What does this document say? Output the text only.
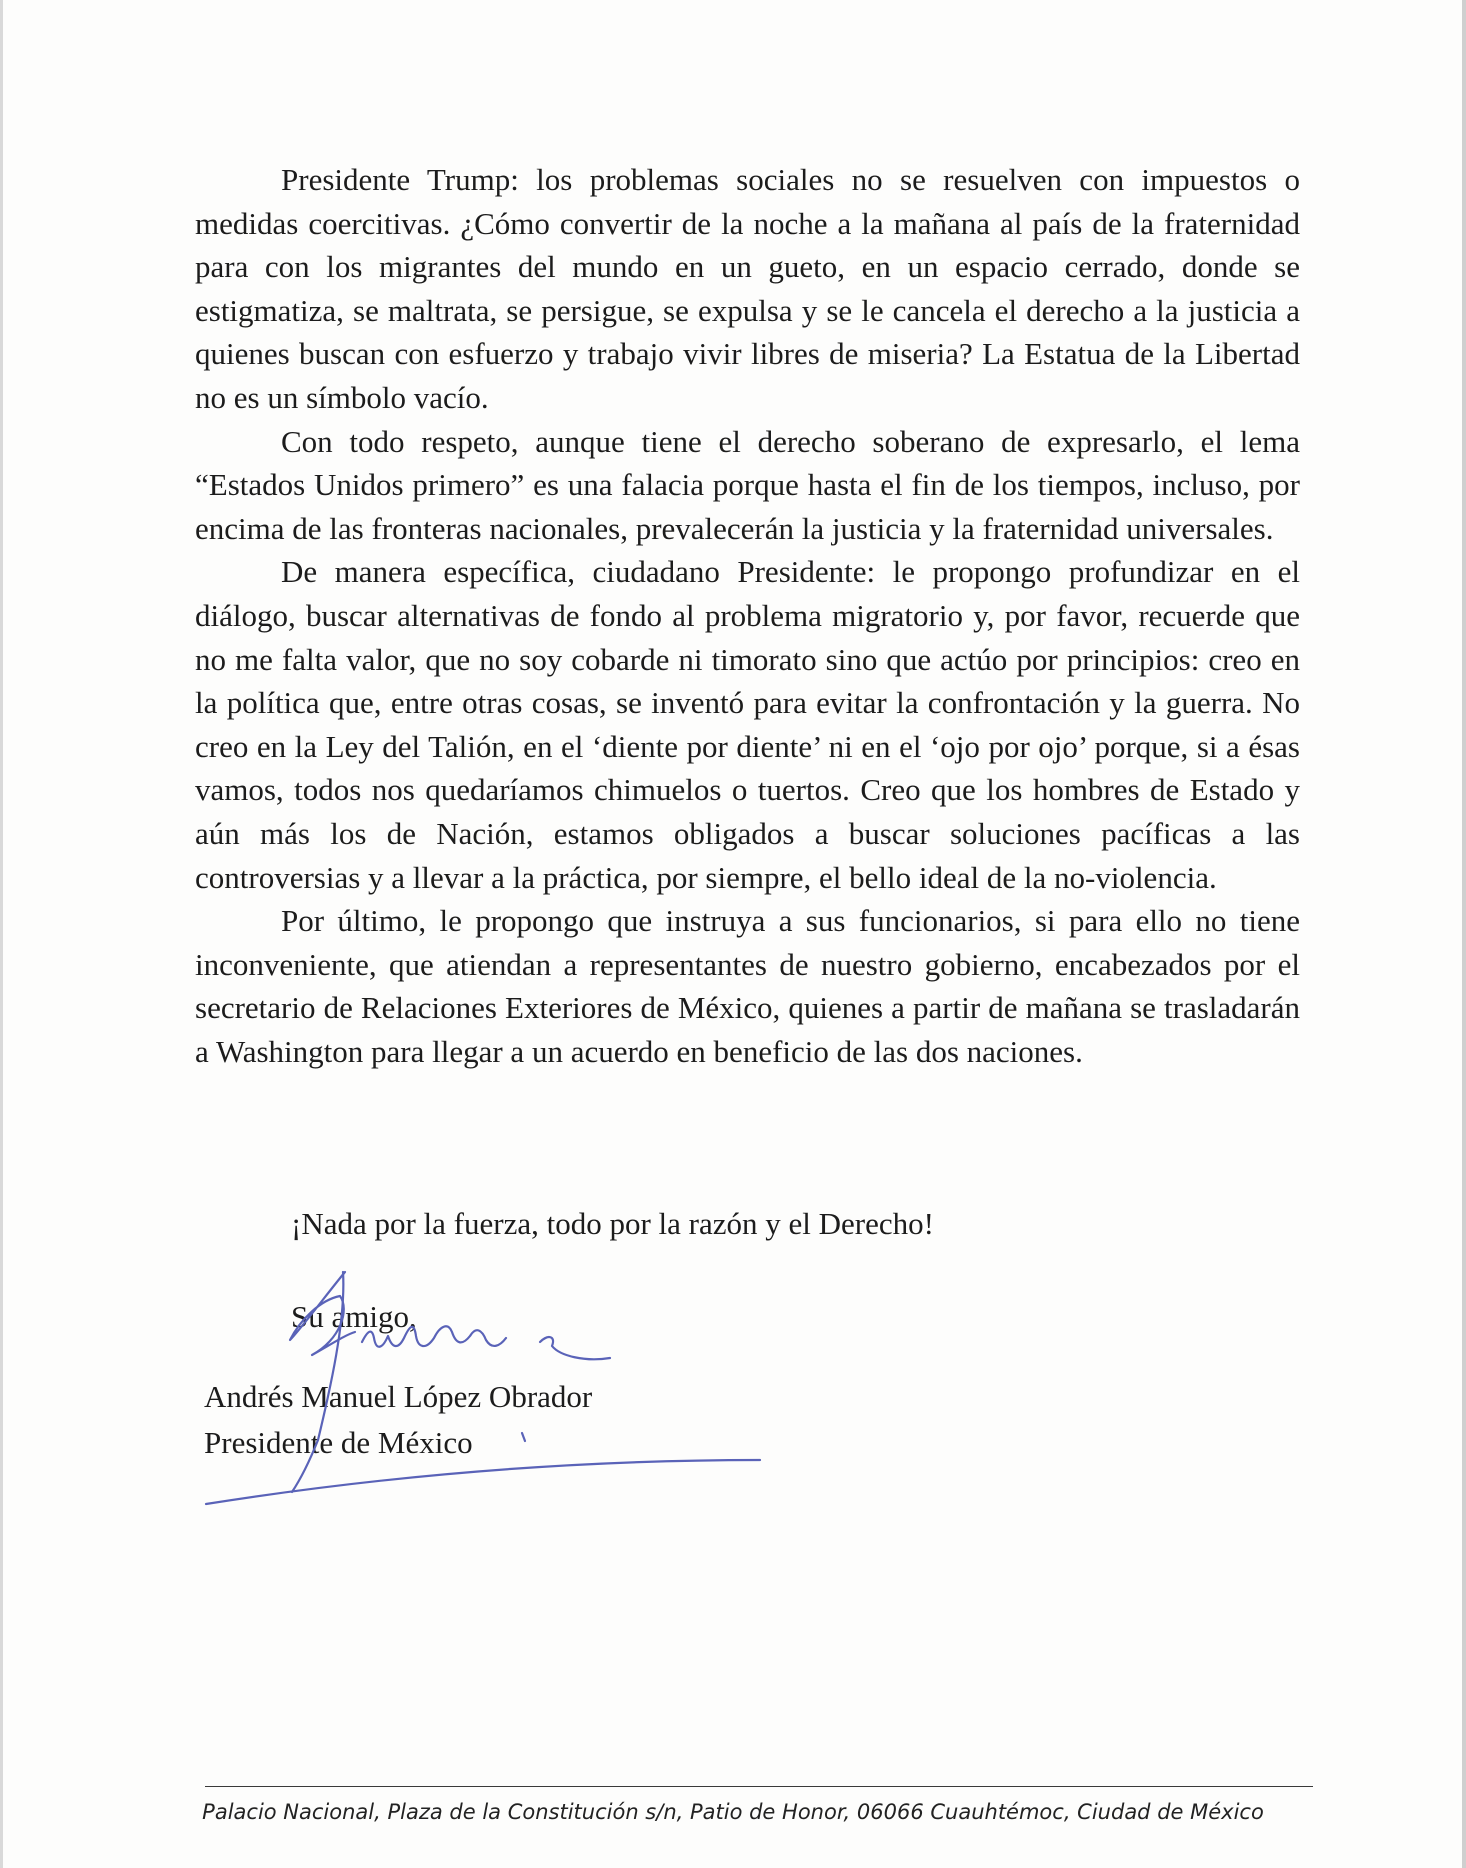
Presidente Trump: los problemas sociales no se resuelven con impuestos o medidas coercitivas. ¿Cómo convertir de la noche a la mañana al país de la fraternidad para con los migrantes del mundo en un gueto, en un espacio cerrado, donde se estigmatiza, se maltrata, se persigue, se expulsa y se le cancela el derecho a la justicia a quienes buscan con esfuerzo y trabajo vivir libres de miseria? La Estatua de la Libertad no es un símbolo vacío.

Con todo respeto, aunque tiene el derecho soberano de expresarlo, el lema “Estados Unidos primero” es una falacia porque hasta el fin de los tiempos, incluso, por encima de las fronteras nacionales, prevalecerán la justicia y la fraternidad universales.

De manera específica, ciudadano Presidente: le propongo profundizar en el diálogo, buscar alternativas de fondo al problema migratorio y, por favor, recuerde que no me falta valor, que no soy cobarde ni timorato sino que actúo por principios: creo en la política que, entre otras cosas, se inventó para evitar la confrontación y la guerra. No creo en la Ley del Talión, en el ‘diente por diente’ ni en el ‘ojo por ojo’ porque, si a ésas vamos, todos nos quedaríamos chimuelos o tuertos. Creo que los hombres de Estado y aún más los de Nación, estamos obligados a buscar soluciones pacíficas a las controversias y a llevar a la práctica, por siempre, el bello ideal de la no-violencia.

Por último, le propongo que instruya a sus funcionarios, si para ello no tiene inconveniente, que atiendan a representantes de nuestro gobierno, encabezados por el secretario de Relaciones Exteriores de México, quienes a partir de mañana se trasladarán a Washington para llegar a un acuerdo en beneficio de las dos naciones.

¡Nada por la fuerza, todo por la razón y el Derecho!
Su amigo,
Andrés Manuel López Obrador
Presidente de México
Palacio Nacional, Plaza de la Constitución s/n, Patio de Honor, 06066 Cuauhtémoc, Ciudad de México
